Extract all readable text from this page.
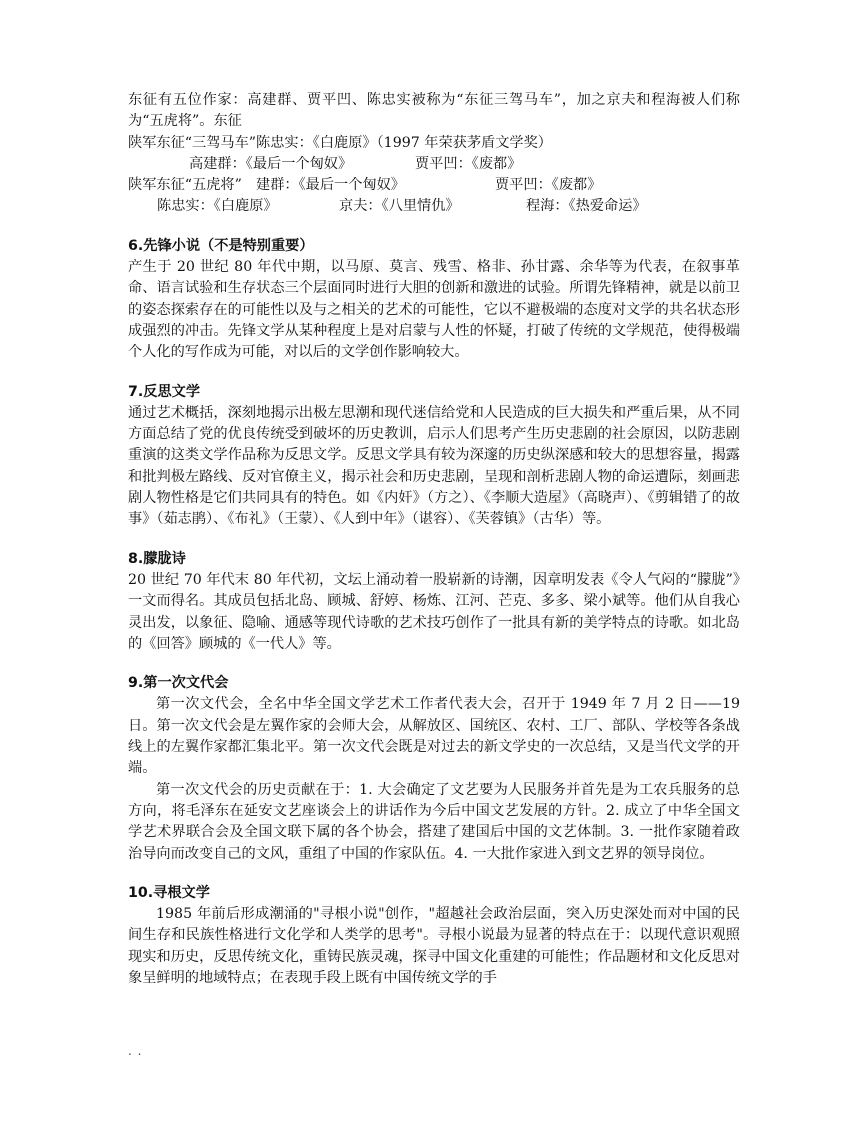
东征有五位作家：高建群、贾平凹、陈忠实被称为“东征三驾马车”，加之京夫和程海被人们称为“五虎将”。东征

陕军东征“三驾马车”陈忠实：《白鹿原》（1997 年荣获茅盾文学奖）
高建群：《最后一个匈奴》	贾平凹：《废都》
陕军东征“五虎将”　建群：《最后一个匈奴》	贾平凹：《废都》
陈忠实：《白鹿原》	京夫：《八里情仇》	程海：《热爱命运》
6.先锋小说（不是特别重要）

产生于 20 世纪 80 年代中期，以马原、莫言、残雪、格非、孙甘露、余华等为代表，在叙事革命、语言试验和生存状态三个层面同时进行大胆的创新和激进的试验。所谓先锋精神，就是以前卫的姿态探索存在的可能性以及与之相关的艺术的可能性，它以不避极端的态度对文学的共名状态形成强烈的冲击。先锋文学从某种程度上是对启蒙与人性的怀疑，打破了传统的文学规范，使得极端个人化的写作成为可能，对以后的文学创作影响较大。

7.反思文学

通过艺术概括，深刻地揭示出极左思潮和现代迷信给党和人民造成的巨大损失和严重后果，从不同方面总结了党的优良传统受到破坏的历史教训，启示人们思考产生历史悲剧的社会原因，以防悲剧重演的这类文学作品称为反思文学。反思文学具有较为深邃的历史纵深感和较大的思想容量，揭露和批判极左路线、反对官僚主义，揭示社会和历史悲剧，呈现和剖析悲剧人物的命运遭际，刻画悲剧人物性格是它们共同具有的特色。如《内奸》（方之）、《李顺大造屋》（高晓声）、《剪辑错了的故事》（茹志鹃）、《布礼》（王蒙）、《人到中年》（谌容）、《芙蓉镇》（古华）等。

8.朦胧诗

20 世纪 70 年代末 80 年代初，文坛上涌动着一股崭新的诗潮，因章明发表《令人气闷的“朦胧”》一文而得名。其成员包括北岛、顾城、舒婷、杨炼、江河、芒克、多多、梁小斌等。他们从自我心灵出发，以象征、隐喻、通感等现代诗歌的艺术技巧创作了一批具有新的美学特点的诗歌。如北岛的《回答》顾城的《一代人》等。

9.第一次文代会

第一次文代会，全名中华全国文学艺术工作者代表大会，召开于 1949 年 7 月 2 日——19 日。第一次文代会是左翼作家的会师大会，从解放区、国统区、农村、工厂、部队、学校等各条战线上的左翼作家都汇集北平。第一次文代会既是对过去的新文学史的一次总结，又是当代文学的开端。

第一次文代会的历史贡献在于：1. 大会确定了文艺要为人民服务并首先是为工农兵服务的总方向，将毛泽东在延安文艺座谈会上的讲话作为今后中国文艺发展的方针。2. 成立了中华全国文学艺术界联合会及全国文联下属的各个协会，搭建了建国后中国的文艺体制。3. 一批作家随着政治导向而改变自己的文风，重组了中国的作家队伍。4. 一大批作家进入到文艺界的领导岗位。

10.寻根文学

1985 年前后形成潮涌的"寻根小说"创作，"超越社会政治层面，突入历史深处而对中国的民间生存和民族性格进行文化学和人类学的思考"。寻根小说最为显著的特点在于：以现代意识观照现实和历史，反思传统文化，重铸民族灵魂，探寻中国文化重建的可能性；作品题材和文化反思对象呈鲜明的地域特点；在表现手段上既有中国传统文学的手

. .
